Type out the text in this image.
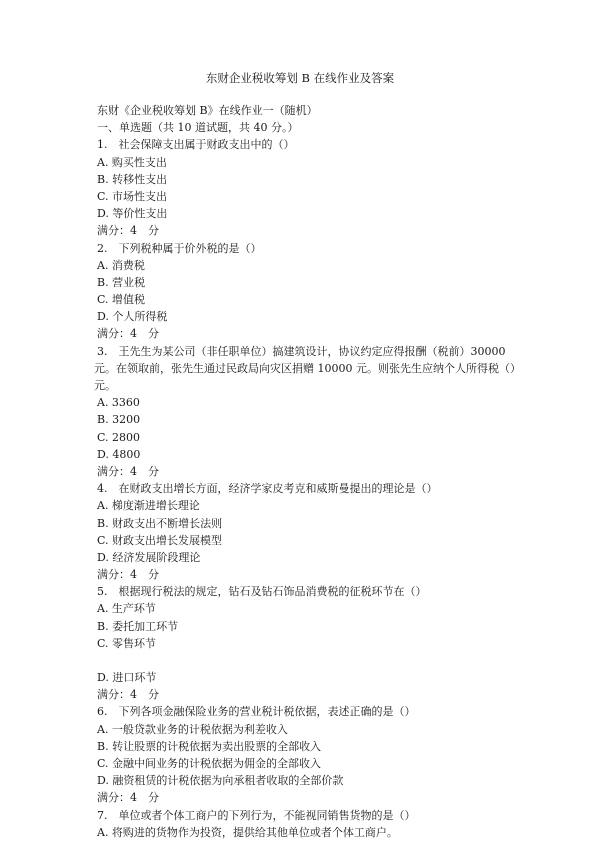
东财企业税收筹划 B 在线作业及答案
东财《企业税收筹划 B》在线作业一（随机）
一、单选题（共 10 道试题，共 40 分。）
1.　社会保障支出属于财政支出中的（）
A. 购买性支出
B. 转移性支出
C. 市场性支出
D. 等价性支出
满分：4　分
2.　下列税种属于价外税的是（）
A. 消费税
B. 营业税
C. 增值税
D. 个人所得税
满分：4　分
3.　王先生为某公司（非任职单位）搞建筑设计，协议约定应得报酬（税前）30000 元。在领取前，张先生通过民政局向灾区捐赠 10000 元。则张先生应纳个人所得税（）元。
A. 3360
B. 3200
C. 2800
D. 4800
满分：4　分
4.　在财政支出增长方面，经济学家皮考克和威斯曼提出的理论是（）
A. 梯度渐进增长理论
B. 财政支出不断增长法则
C. 财政支出增长发展模型
D. 经济发展阶段理论
满分：4　分
5.　根据现行税法的规定，钻石及钻石饰品消费税的征税环节在（）
A. 生产环节
B. 委托加工环节
C. 零售环节
D. 进口环节
满分：4　分
6.　下列各项金融保险业务的营业税计税依据，表述正确的是（）
A. 一般贷款业务的计税依据为利差收入
B. 转让股票的计税依据为卖出股票的全部收入
C. 金融中间业务的计税依据为佣金的全部收入
D. 融资租赁的计税依据为向承租者收取的全部价款
满分：4　分
7.　单位或者个体工商户的下列行为，不能视同销售货物的是（）
A. 将购进的货物作为投资，提供给其他单位或者个体工商户。
